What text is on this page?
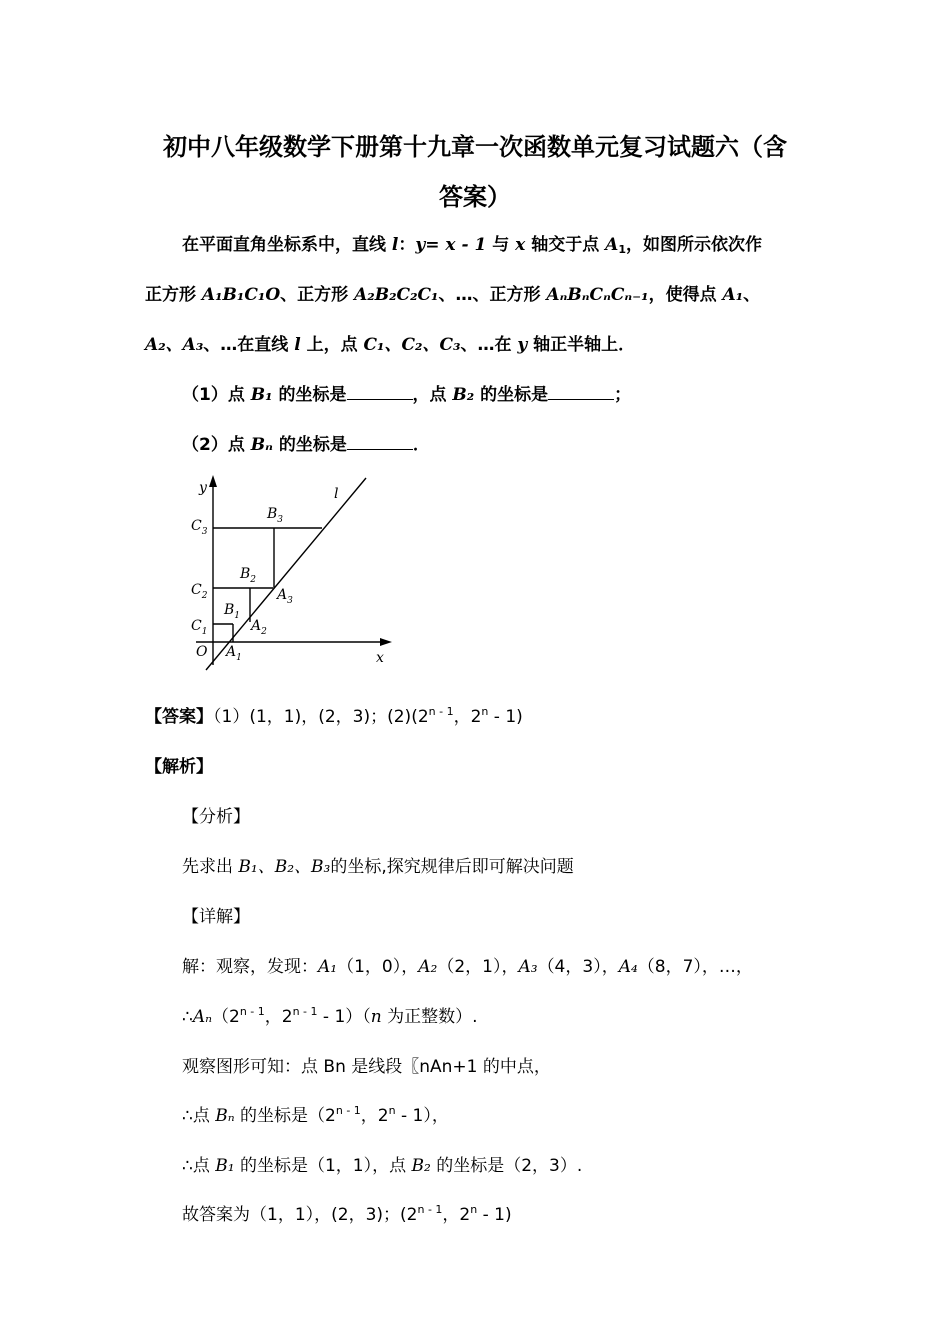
初中八年级数学下册第十九章一次函数单元复习试题六（含
答案）
在平面直角坐标系中，直线 l：y= x - 1 与 x 轴交于点 $A_1$，如图所示依次作
正方形 A₁B₁C₁O、正方形 A₂B₂C₂C₁、…、正方形 AₙBₙCₙCₙ₋₁，使得点 A₁、
A₂、A₃、…在直线 l 上，点 C₁、C₂、C₃、…在 y 轴正半轴上．
（1）点 B₁ 的坐标是	，点 B₂ 的坐标是	；
（2）点 Bₙ 的坐标是	．
y
x
O
l
$C_3$
$C_2$
$C_1$
$B_3$
$B_2$
$B_1$
$A_3$
$A_2$
$A_1$
【答案】（1）(1，1)，(2，3)；(2)(2$^{n - 1}$，2$^n$ - 1)
【解析】
【分析】
先求出 B₁、B₂、B₃的坐标,探究规律后即可解决问题
【详解】
解：观察，发现：A₁（1，0），A₂（2，1），A₃（4，3），A₄（8，7），…，
∴Aₙ（2$^{n - 1}$，2$^{n - 1}$ - 1）（n 为正整数）.
观察图形可知：点 Bn 是线段〖nAn+1 的中点，
∴点 Bₙ 的坐标是（2$^{n - 1}$，2$^n$ - 1），
∴点 B₁ 的坐标是（1，1），点 B₂ 的坐标是（2，3）.
故答案为（1，1），(2，3)；(2$^{n - 1}$，2$^n$ - 1)
